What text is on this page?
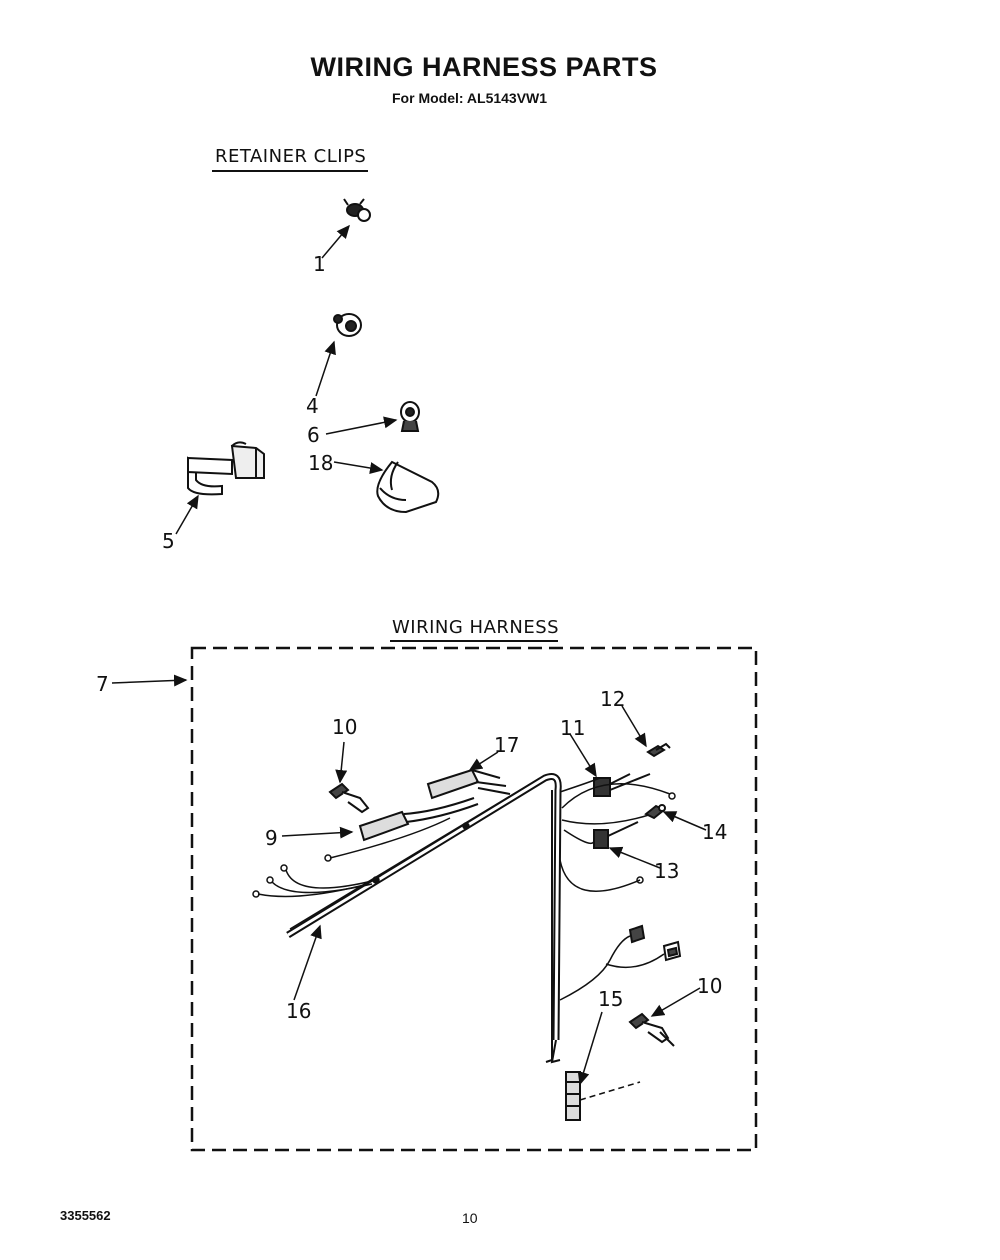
WIRING HARNESS PARTS
For Model: AL5143VW1
RETAINER CLIPS
WIRING HARNESS
1
4
6
18
5
7
10
17
11
12
9	14
13
16	15
10
3355562	10
